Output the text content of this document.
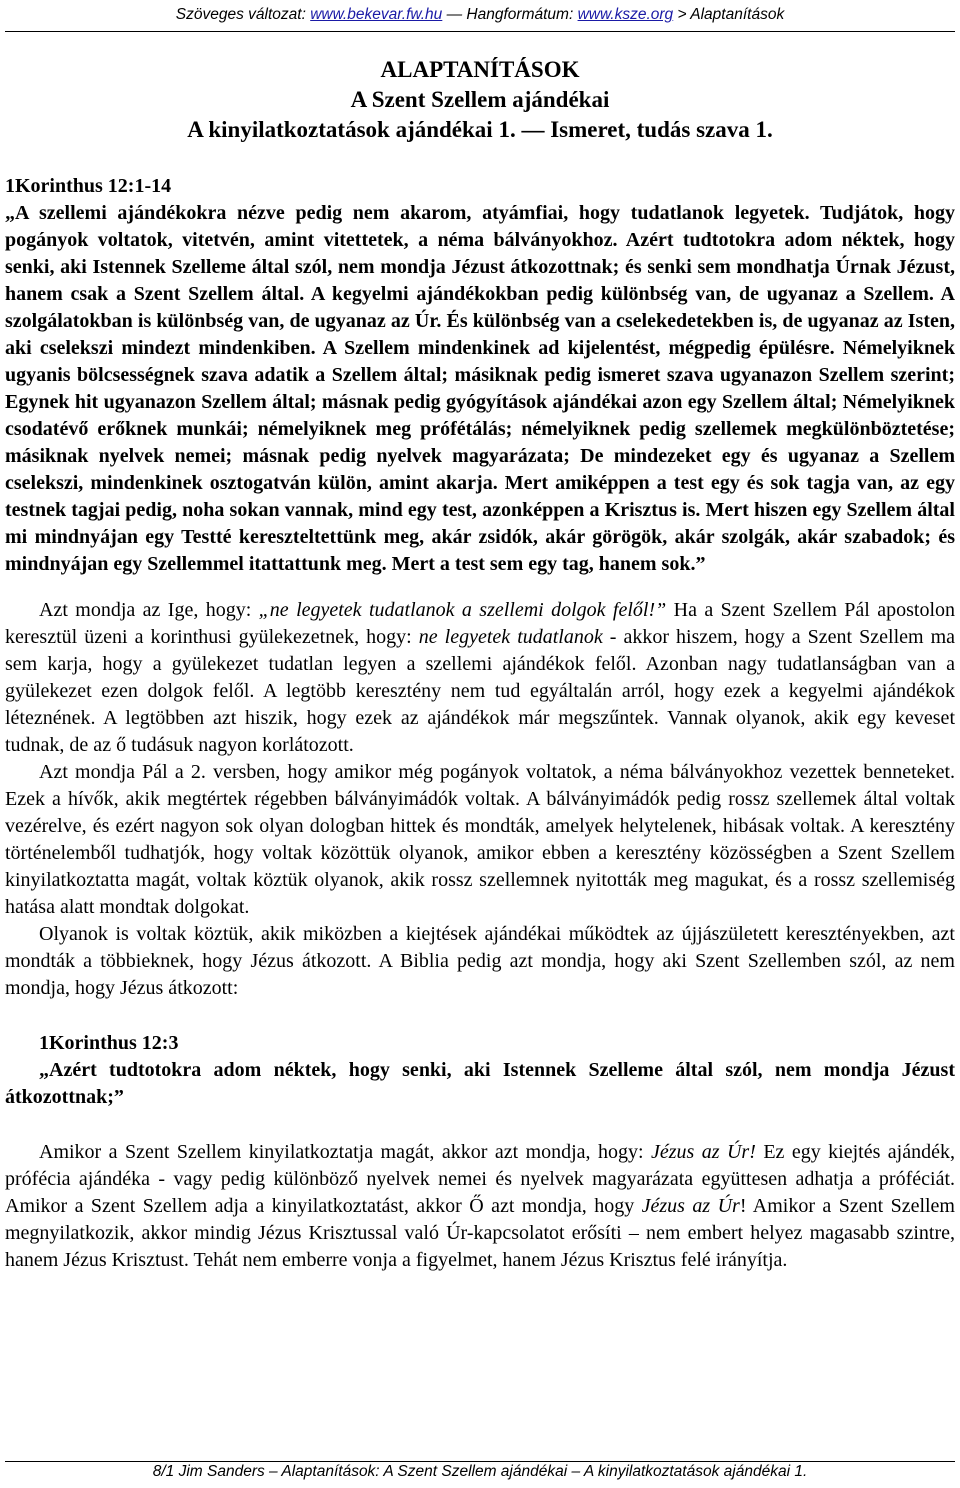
Szöveges változat: www.bekevar.fw.hu — Hangformátum: www.ksze.org > Alaptanítások
ALAPTANÍTÁSOK
A Szent Szellem ajándékai
A kinyilatkoztatások ajándékai 1. — Ismeret, tudás szava 1.
1Korinthus 12:1-14

„A szellemi ajándékokra nézve pedig nem akarom, atyámfiai, hogy tudatlanok legyetek. Tudjátok, hogy pogányok voltatok, vitetvén, amint vitettetek, a néma bálványokhoz. Azért tudtotokra adom néktek, hogy senki, aki Istennek Szelleme által szól, nem mondja Jézust átkozottnak; és senki sem mondhatja Úrnak Jézust, hanem csak a Szent Szellem által. A kegyelmi ajándékokban pedig különbség van, de ugyanaz a Szellem. A szolgálatokban is különbség van, de ugyanaz az Úr. És különbség van a cselekedetekben is, de ugyanaz az Isten, aki cselekszi mindezt mindenkiben. A Szellem mindenkinek ad kijelentést, mégpedig épülésre. Némelyiknek ugyanis bölcsességnek szava adatik a Szellem által; másiknak pedig ismeret szava ugyanazon Szellem szerint; Egynek hit ugyanazon Szellem által; másnak pedig gyógyítások ajándékai azon egy Szellem által; Némelyiknek csodatévő erőknek munkái; némelyiknek meg prófétálás; némelyiknek pedig szellemek megkülönböztetése; másiknak nyelvek nemei; másnak pedig nyelvek magyarázata; De mindezeket egy és ugyanaz a Szellem cselekszi, mindenkinek osztogatván külön, amint akarja. Mert amiképpen a test egy és sok tagja van, az egy testnek tagjai pedig, noha sokan vannak, mind egy test, azonképpen a Krisztus is. Mert hiszen egy Szellem által mi mindnyájan egy Testté kereszteltettünk meg, akár zsidók, akár görögök, akár szolgák, akár szabadok; és mindnyájan egy Szellemmel itattattunk meg. Mert a test sem egy tag, hanem sok.”

Azt mondja az Ige, hogy: „ne legyetek tudatlanok a szellemi dolgok felől!” Ha a Szent Szellem Pál apostolon keresztül üzeni a korinthusi gyülekezetnek, hogy: ne legyetek tudatlanok - akkor hiszem, hogy a Szent Szellem ma sem karja, hogy a gyülekezet tudatlan legyen a szellemi ajándékok felől. Azonban nagy tudatlanságban van a gyülekezet ezen dolgok felől. A legtöbb keresztény nem tud egyáltalán arról, hogy ezek a kegyelmi ajándékok léteznének. A legtöbben azt hiszik, hogy ezek az ajándékok már megszűntek. Vannak olyanok, akik egy keveset tudnak, de az ő tudásuk nagyon korlátozott.

Azt mondja Pál a 2. versben, hogy amikor még pogányok voltatok, a néma bálványokhoz vezettek benneteket. Ezek a hívők, akik megtértek régebben bálványimádók voltak. A bálványimádók pedig rossz szellemek által voltak vezérelve, és ezért nagyon sok olyan dologban hittek és mondták, amelyek helytelenek, hibásak voltak. A keresztény történelemből tudhatjók, hogy voltak közöttük olyanok, amikor ebben a keresztény közösségben a Szent Szellem kinyilatkoztatta magát, voltak köztük olyanok, akik rossz szellemnek nyitották meg magukat, és a rossz szellemiség hatása alatt mondtak dolgokat.

Olyanok is voltak köztük, akik miközben a kiejtések ajándékai működtek az újjászületett keresztényekben, azt mondták a többieknek, hogy Jézus átkozott. A Biblia pedig azt mondja, hogy aki Szent Szellemben szól, az nem mondja, hogy Jézus átkozott:

1Korinthus 12:3

„Azért tudtotokra adom néktek, hogy senki, aki Istennek Szelleme által szól, nem mondja Jézust átkozottnak;”

Amikor a Szent Szellem kinyilatkoztatja magát, akkor azt mondja, hogy: Jézus az Úr! Ez egy kiejtés ajándék, prófécia ajándéka - vagy pedig különböző nyelvek nemei és nyelvek magyarázata együttesen adhatja a próféciát. Amikor a Szent Szellem adja a kinyilatkoztatást, akkor Ő azt mondja, hogy Jézus az Úr! Amikor a Szent Szellem megnyilatkozik, akkor mindig Jézus Krisztussal való Úr-kapcsolatot erősíti – nem embert helyez magasabb szintre, hanem Jézus Krisztust. Tehát nem emberre vonja a figyelmet, hanem Jézus Krisztus felé irányítja.

8/1 Jim Sanders – Alaptanítások: A Szent Szellem ajándékai – A kinyilatkoztatások ajándékai 1.
